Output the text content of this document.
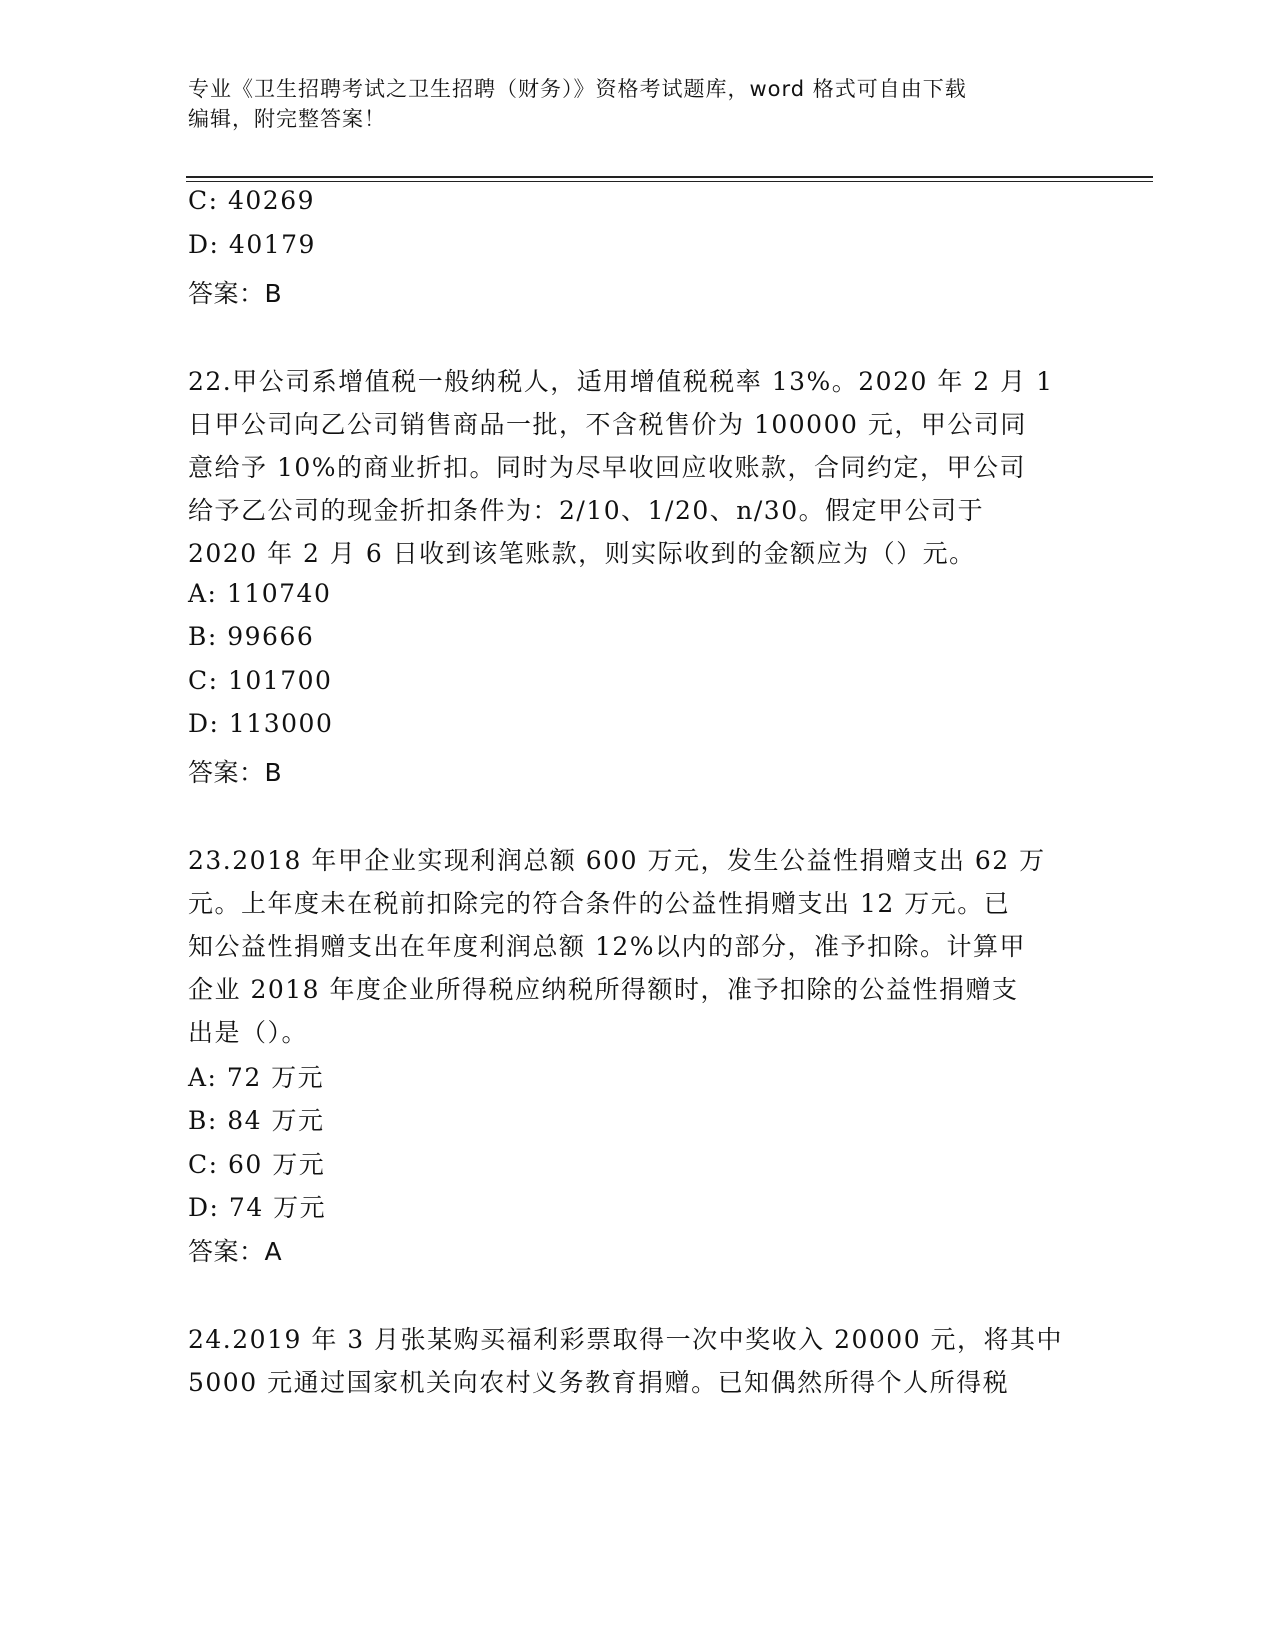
专业《卫生招聘考试之卫生招聘（财务）》资格考试题库，word 格式可自由下载
编辑，附完整答案！
C: 40269
D: 40179
答案：B
22.甲公司系增值税一般纳税人，适用增值税税率 13%。2020 年 2 月 1
日甲公司向乙公司销售商品一批，不含税售价为 100000 元，甲公司同
意给予 10%的商业折扣。同时为尽早收回应收账款，合同约定，甲公司
给予乙公司的现金折扣条件为：2/10、1/20、n/30。假定甲公司于
2020 年 2 月 6 日收到该笔账款，则实际收到的金额应为（）元。
A: 110740
B: 99666
C: 101700
D: 113000
答案：B
23.2018 年甲企业实现利润总额 600 万元，发生公益性捐赠支出 62 万
元。上年度未在税前扣除完的符合条件的公益性捐赠支出 12 万元。已
知公益性捐赠支出在年度利润总额 12%以内的部分，准予扣除。计算甲
企业 2018 年度企业所得税应纳税所得额时，准予扣除的公益性捐赠支
出是（）。
A: 72 万元
B: 84 万元
C: 60 万元
D: 74 万元
答案：A
24.2019 年 3 月张某购买福利彩票取得一次中奖收入 20000 元，将其中
5000 元通过国家机关向农村义务教育捐赠。已知偶然所得个人所得税
